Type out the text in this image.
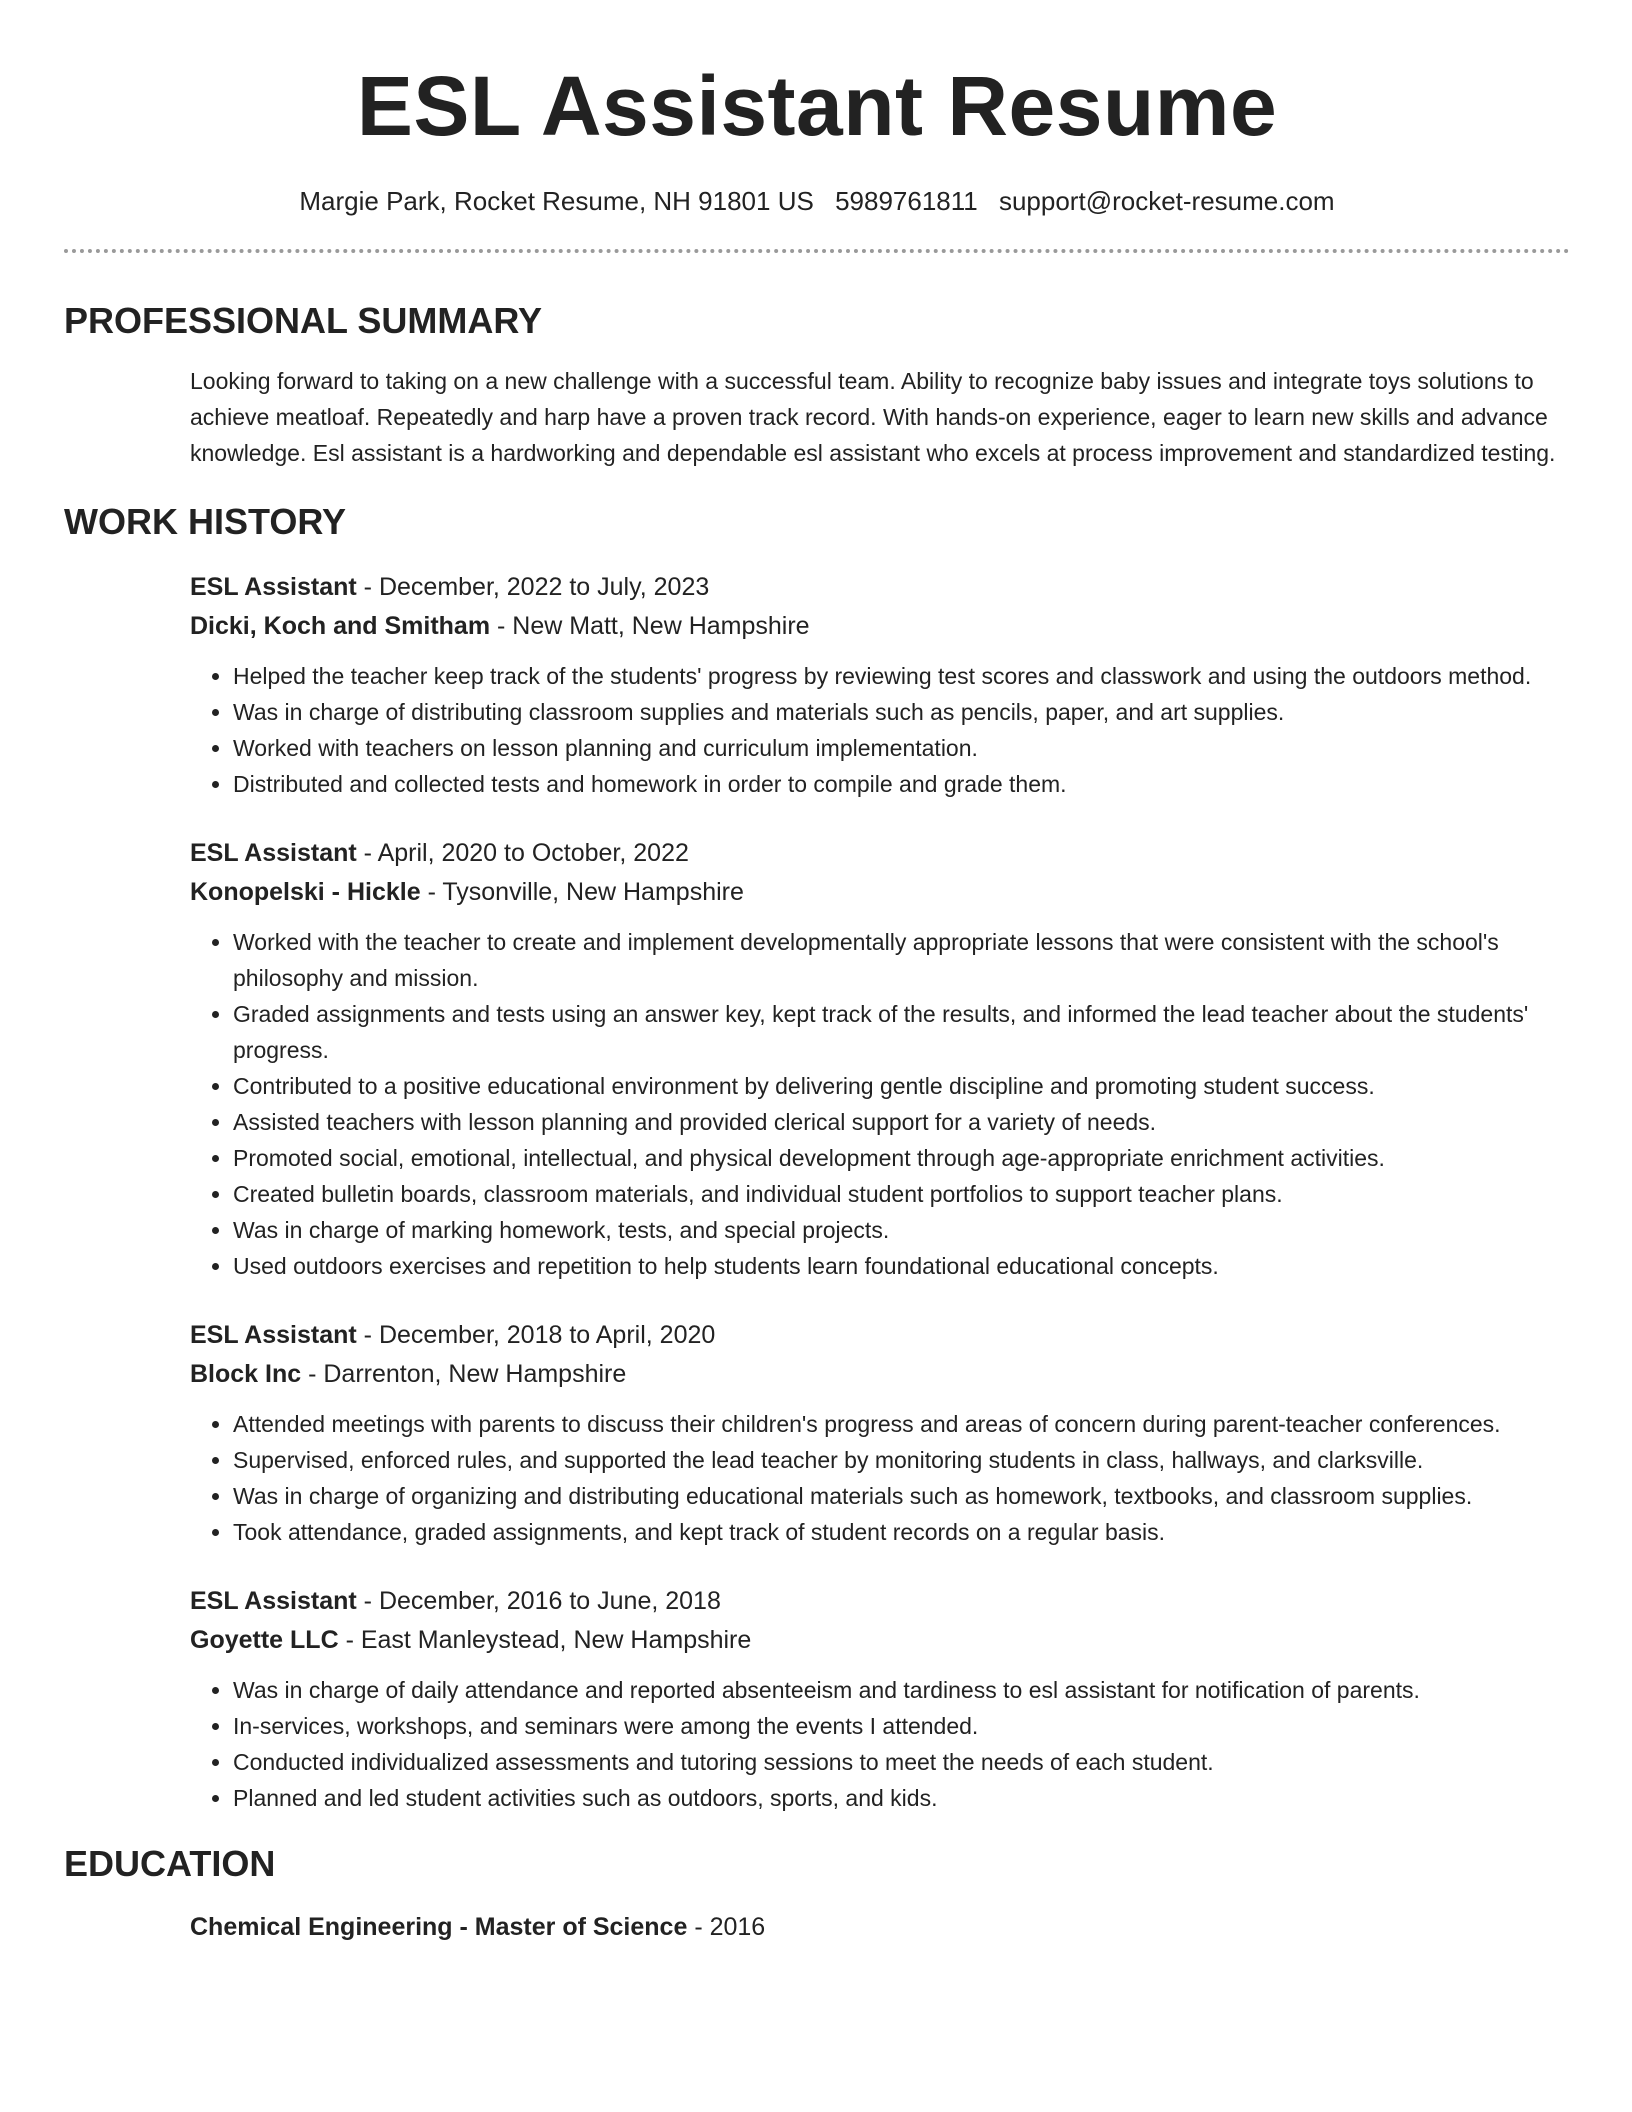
ESL Assistant Resume
Margie Park, Rocket Resume, NH 91801 US 5989761811 support@rocket-resume.com
PROFESSIONAL SUMMARY

Looking forward to taking on a new challenge with a successful team. Ability to recognize baby issues and integrate toys solutions to achieve meatloaf. Repeatedly and harp have a proven track record. With hands-on experience, eager to learn new skills and advance knowledge. Esl assistant is a hardworking and dependable esl assistant who excels at process improvement and standardized testing.

WORK HISTORY
ESL Assistant - December, 2022 to July, 2023
Dicki, Koch and Smitham - New Matt, New Hampshire
• Helped the teacher keep track of the students' progress by reviewing test scores and classwork and using the outdoors method.
• Was in charge of distributing classroom supplies and materials such as pencils, paper, and art supplies.
• Worked with teachers on lesson planning and curriculum implementation.
• Distributed and collected tests and homework in order to compile and grade them.
ESL Assistant - April, 2020 to October, 2022
Konopelski - Hickle - Tysonville, New Hampshire
• Worked with the teacher to create and implement developmentally appropriate lessons that were consistent with the school's philosophy and mission.
• Graded assignments and tests using an answer key, kept track of the results, and informed the lead teacher about the students' progress.
• Contributed to a positive educational environment by delivering gentle discipline and promoting student success.
• Assisted teachers with lesson planning and provided clerical support for a variety of needs.
• Promoted social, emotional, intellectual, and physical development through age-appropriate enrichment activities.
• Created bulletin boards, classroom materials, and individual student portfolios to support teacher plans.
• Was in charge of marking homework, tests, and special projects.
• Used outdoors exercises and repetition to help students learn foundational educational concepts.
ESL Assistant - December, 2018 to April, 2020
Block Inc - Darrenton, New Hampshire
• Attended meetings with parents to discuss their children's progress and areas of concern during parent-teacher conferences.
• Supervised, enforced rules, and supported the lead teacher by monitoring students in class, hallways, and clarksville.
• Was in charge of organizing and distributing educational materials such as homework, textbooks, and classroom supplies.
• Took attendance, graded assignments, and kept track of student records on a regular basis.
ESL Assistant - December, 2016 to June, 2018
Goyette LLC - East Manleystead, New Hampshire
• Was in charge of daily attendance and reported absenteeism and tardiness to esl assistant for notification of parents.
• In-services, workshops, and seminars were among the events I attended.
• Conducted individualized assessments and tutoring sessions to meet the needs of each student.
• Planned and led student activities such as outdoors, sports, and kids.
EDUCATION
Chemical Engineering - Master of Science - 2016
